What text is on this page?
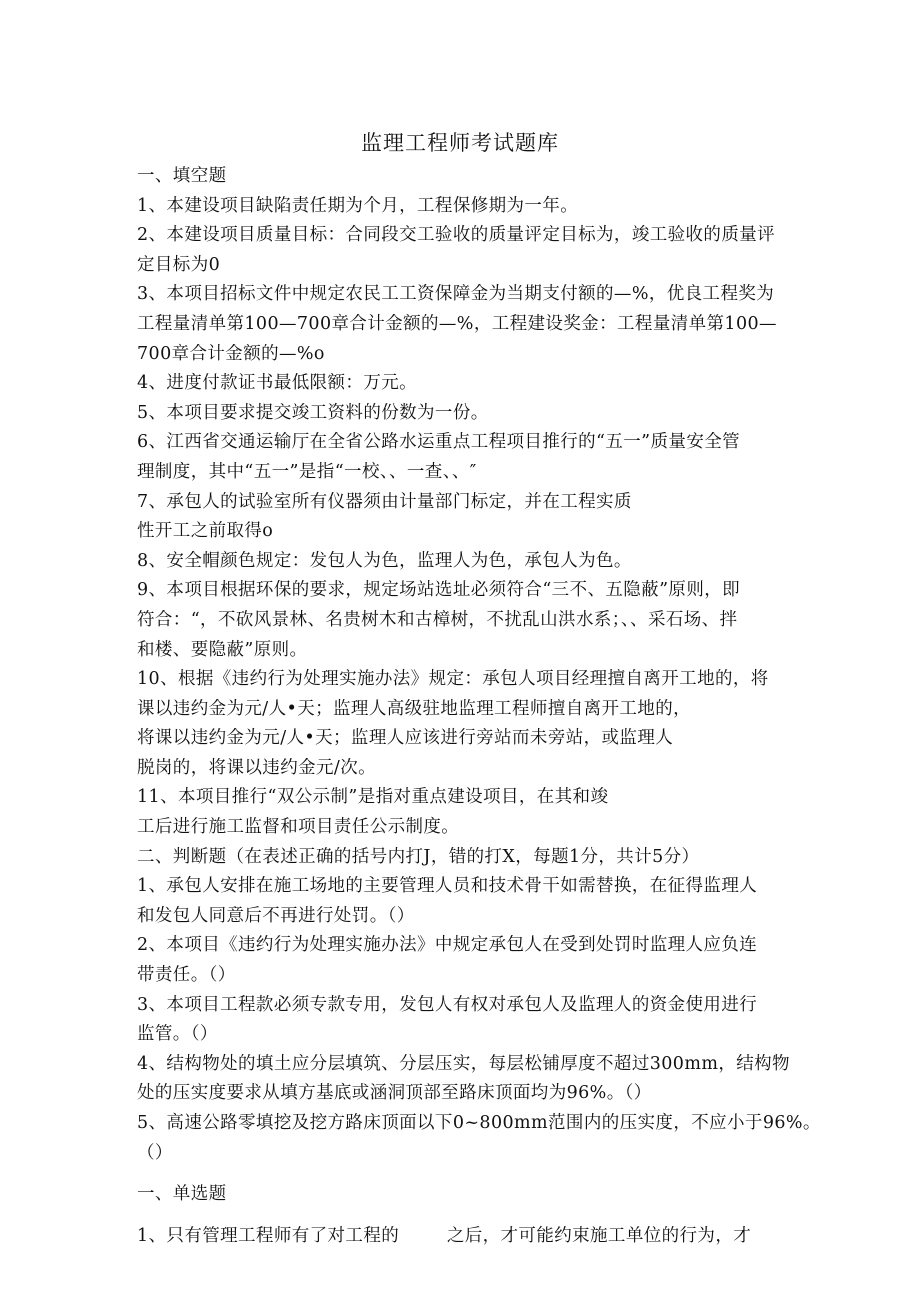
监理工程师考试题库
一、填空题
1、本建设项目缺陷责任期为个月，工程保修期为一年。
2、本建设项目质量目标：合同段交工验收的质量评定目标为，竣工验收的质量评
定目标为0
3、本项目招标文件中规定农民工工资保障金为当期支付额的—%，优良工程奖为
工程量清单第100—700章合计金额的—%，工程建设奖金：工程量清单第100—
700章合计金额的—%o
4、进度付款证书最低限额：万元。
5、本项目要求提交竣工资料的份数为一份。
6、江西省交通运输厅在全省公路水运重点工程项目推行的“五一”质量安全管
理制度，其中“五一”是指“一校、、一查、、″
7、承包人的试验室所有仪器须由计量部门标定，并在工程实质
性开工之前取得o
8、安全帽颜色规定：发包人为色，监理人为色，承包人为色。
9、本项目根据环保的要求，规定场站选址必须符合“三不、五隐蔽”原则，即
符合：“，不砍风景林、名贵树木和古樟树，不扰乱山洪水系；、、采石场、拌
和楼、要隐蔽”原则。
10、根据《违约行为处理实施办法》规定：承包人项目经理擅自离开工地的，将
课以违约金为元/人•天；监理人高级驻地监理工程师擅自离开工地的，
将课以违约金为元/人•天；监理人应该进行旁站而未旁站，或监理人
脱岗的，将课以违约金元/次。
11、本项目推行“双公示制”是指对重点建设项目，在其和竣
工后进行施工监督和项目责任公示制度。
二、判断题（在表述正确的括号内打J，错的打X，每题1分，共计5分）
1、承包人安排在施工场地的主要管理人员和技术骨干如需替换，在征得监理人
和发包人同意后不再进行处罚。（）
2、本项目《违约行为处理实施办法》中规定承包人在受到处罚时监理人应负连
带责任。（）
3、本项目工程款必须专款专用，发包人有权对承包人及监理人的资金使用进行
监管。（）
4、结构物处的填土应分层填筑、分层压实，每层松铺厚度不超过300mm，结构物
处的压实度要求从填方基底或涵洞顶部至路床顶面均为96%。（）
5、高速公路零填挖及挖方路床顶面以下0~800mm范围内的压实度，不应小于96%。
（）
一、单选题
1、只有管理工程师有了对工程的        之后，才可能约束施工单位的行为，才
